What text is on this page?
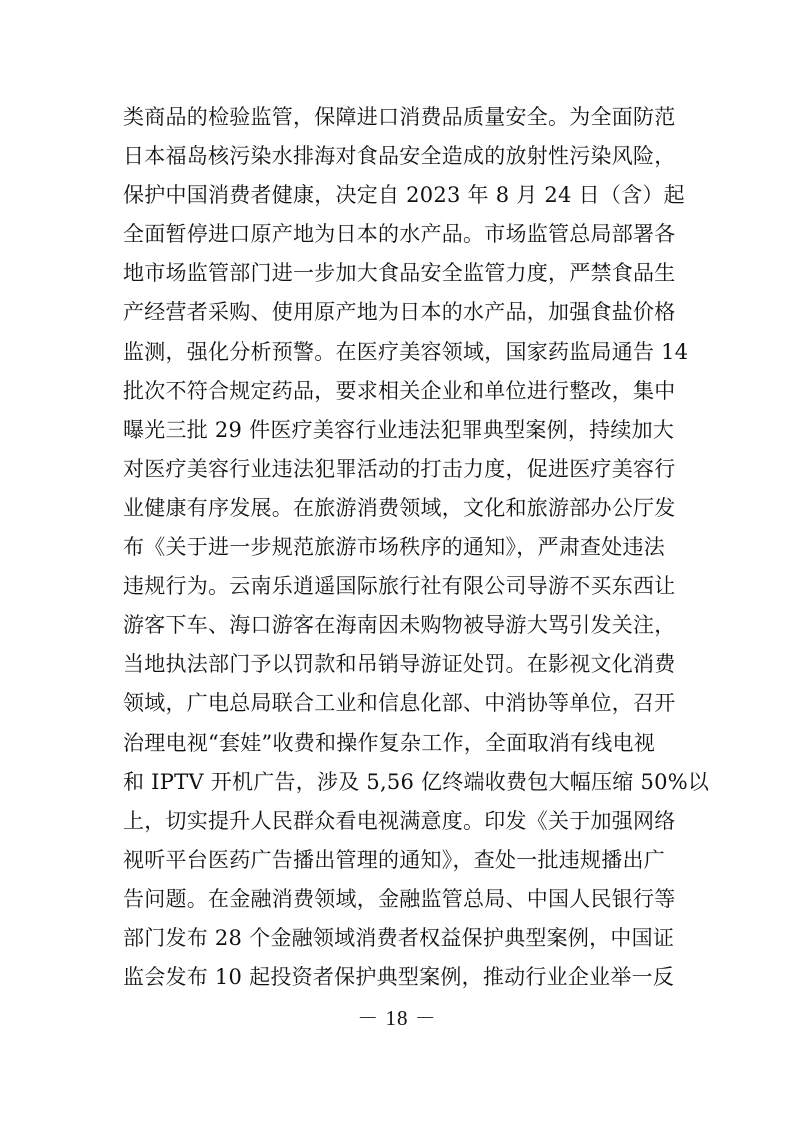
类商品的检验监管，保障进口消费品质量安全。为全面防范
日本福岛核污染水排海对食品安全造成的放射性污染风险，
保护中国消费者健康，决定自 2023 年 8 月 24 日（含）起
全面暂停进口原产地为日本的水产品。市场监管总局部署各
地市场监管部门进一步加大食品安全监管力度，严禁食品生
产经营者采购、使用原产地为日本的水产品，加强食盐价格
监测，强化分析预警。在医疗美容领域，国家药监局通告 14
批次不符合规定药品，要求相关企业和单位进行整改，集中
曝光三批 29 件医疗美容行业违法犯罪典型案例，持续加大
对医疗美容行业违法犯罪活动的打击力度，促进医疗美容行
业健康有序发展。在旅游消费领域，文化和旅游部办公厅发
布《关于进一步规范旅游市场秩序的通知》，严肃查处违法
违规行为。云南乐逍遥国际旅行社有限公司导游不买东西让
游客下车、海口游客在海南因未购物被导游大骂引发关注，
当地执法部门予以罚款和吊销导游证处罚。在影视文化消费
领域，广电总局联合工业和信息化部、中消协等单位，召开
治理电视“套娃”收费和操作复杂工作，全面取消有线电视
和 IPTV 开机广告，涉及 5,56 亿终端收费包大幅压缩 50%以
上，切实提升人民群众看电视满意度。印发《关于加强网络
视听平台医药广告播出管理的通知》，查处一批违规播出广
告问题。在金融消费领域，金融监管总局、中国人民银行等
部门发布 28 个金融领域消费者权益保护典型案例，中国证
监会发布 10 起投资者保护典型案例，推动行业企业举一反
－ 18 －
